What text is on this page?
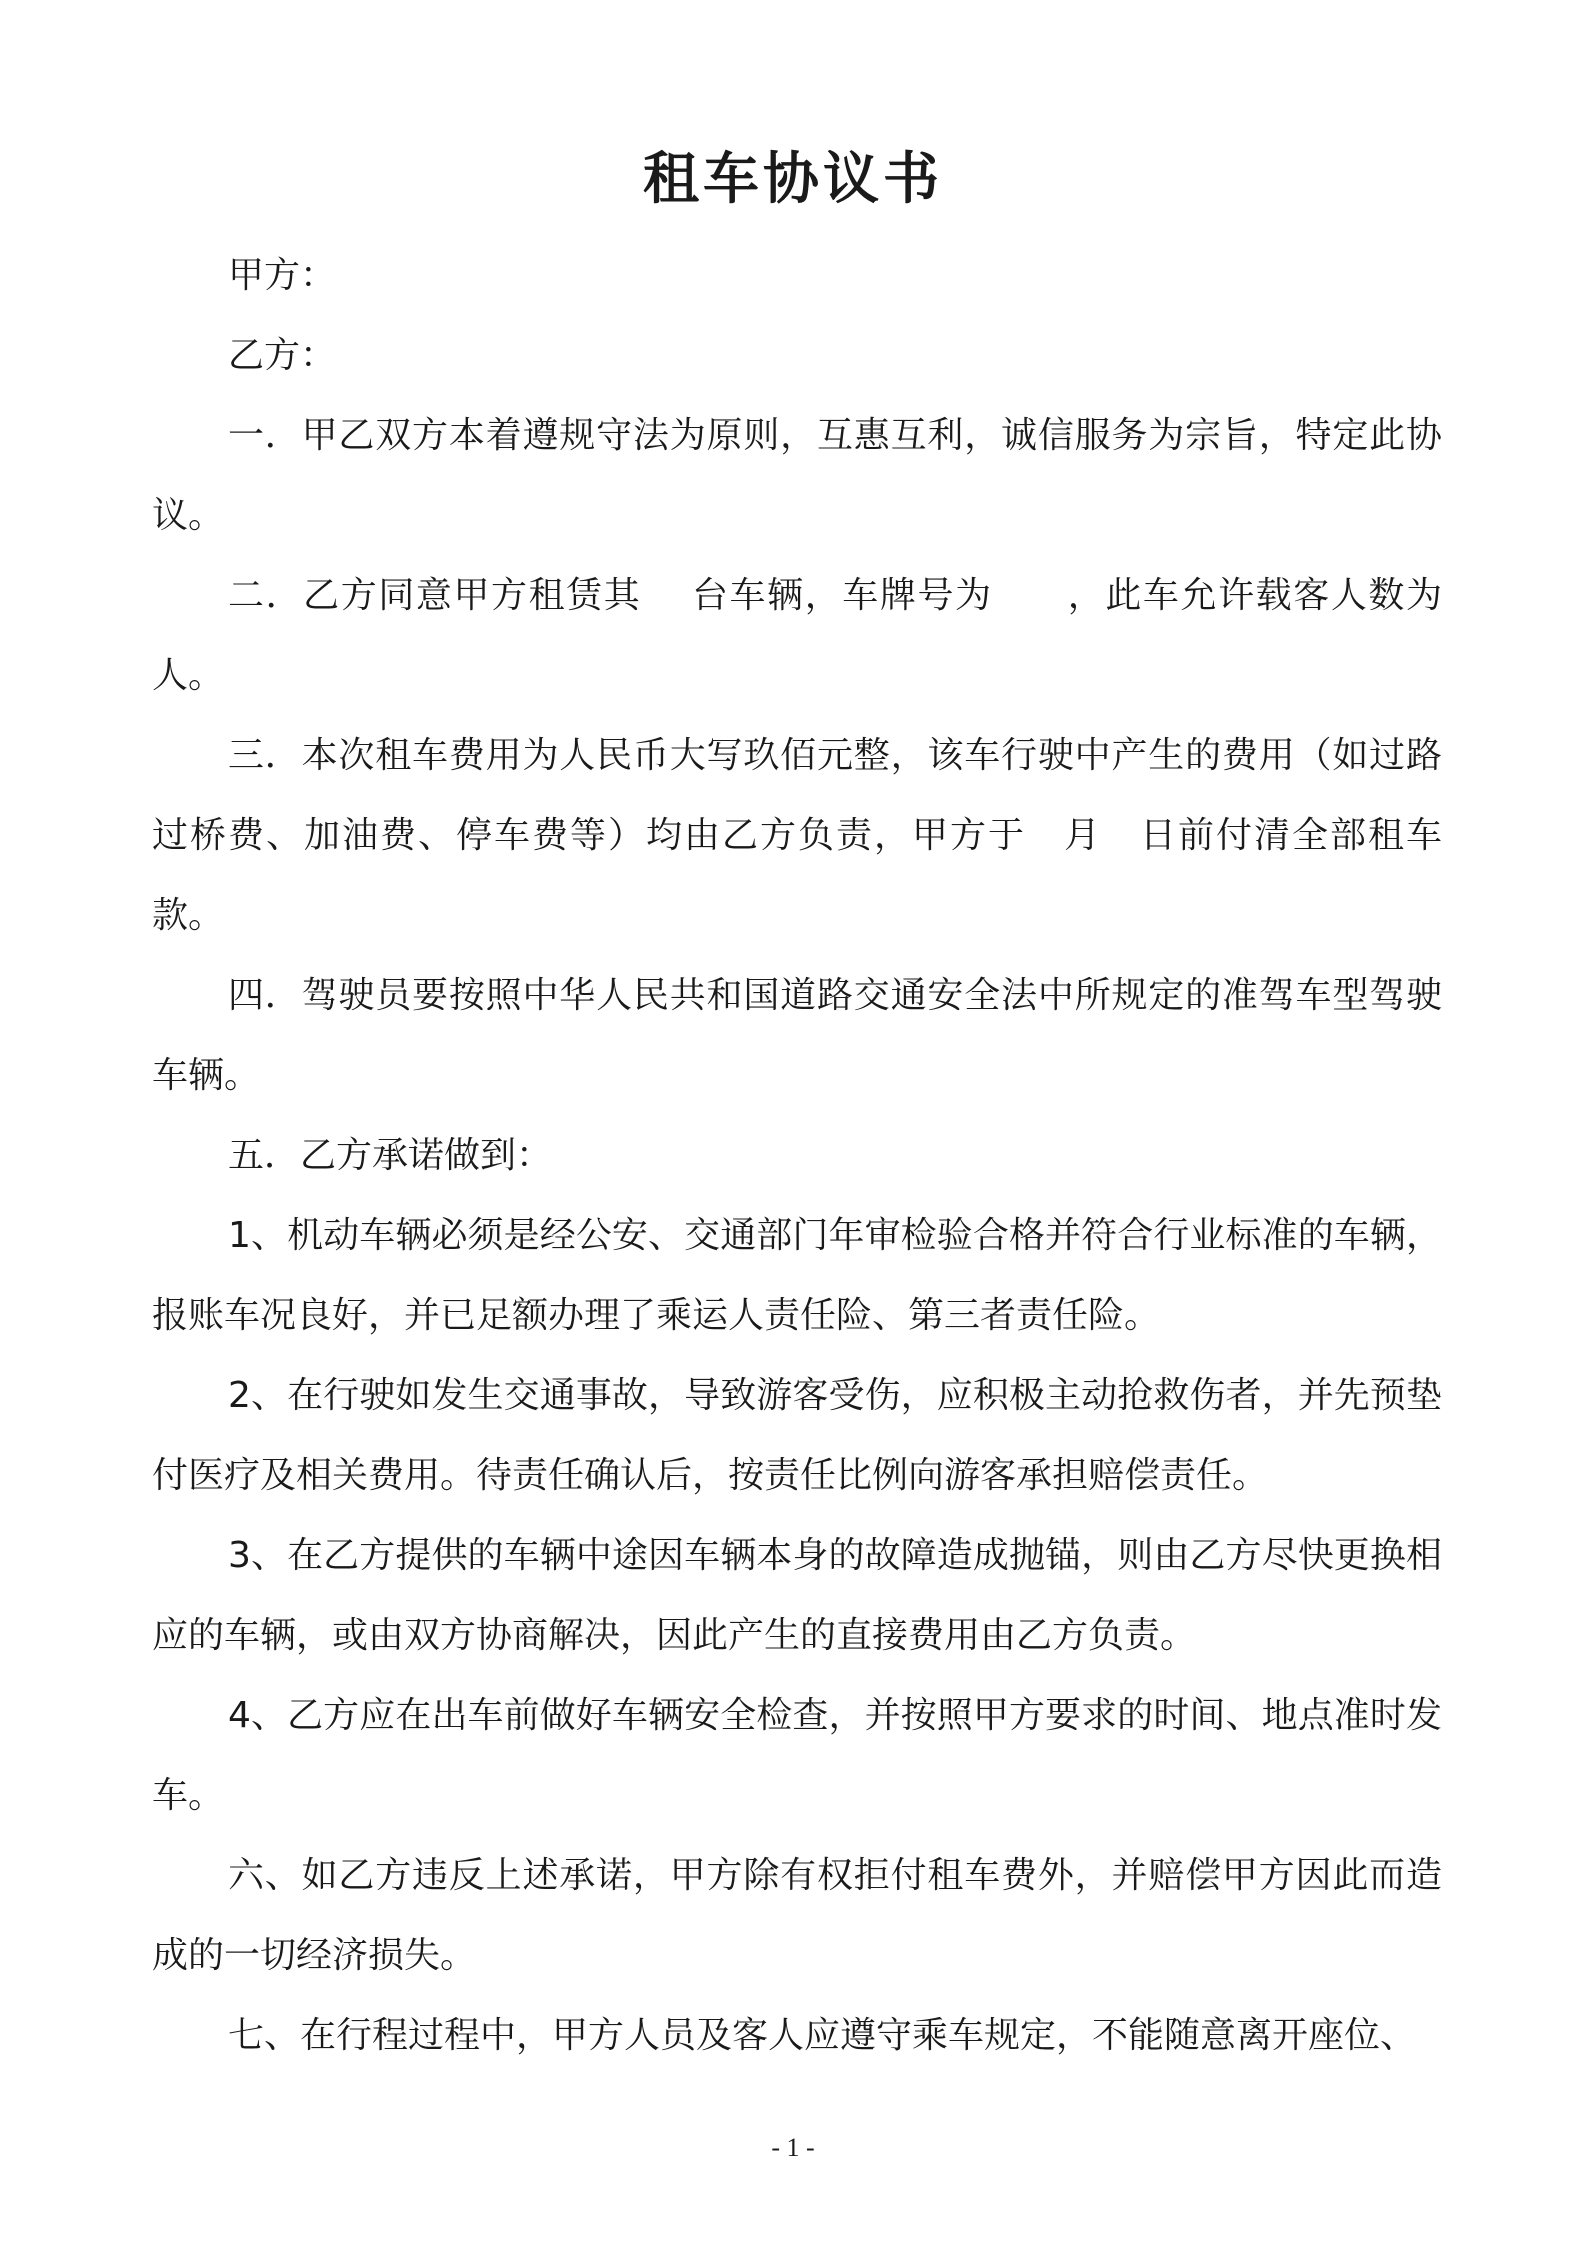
租车协议书

甲方：

乙方：

一．甲乙双方本着遵规守法为原则，互惠互利，诚信服务为宗旨，特定此协议。

二．乙方同意甲方租赁其　 台车辆，车牌号为　　，此车允许载客人数为　人。

三．本次租车费用为人民币大写玖佰元整，该车行驶中产生的费用（如过路过桥费、加油费、停车费等）均由乙方负责，甲方于　月　日前付清全部租车款。

四．驾驶员要按照中华人民共和国道路交通安全法中所规定的准驾车型驾驶车辆。

五．乙方承诺做到：

1、机动车辆必须是经公安、交通部门年审检验合格并符合行业标准的车辆，报账车况良好，并已足额办理了乘运人责任险、第三者责任险。

2、在行驶如发生交通事故，导致游客受伤，应积极主动抢救伤者，并先预垫付医疗及相关费用。待责任确认后，按责任比例向游客承担赔偿责任。

3、在乙方提供的车辆中途因车辆本身的故障造成抛锚，则由乙方尽快更换相应的车辆，或由双方协商解决，因此产生的直接费用由乙方负责。

4、乙方应在出车前做好车辆安全检查，并按照甲方要求的时间、地点准时发车。

六、如乙方违反上述承诺，甲方除有权拒付租车费外，并赔偿甲方因此而造成的一切经济损失。

七、在行程过程中，甲方人员及客人应遵守乘车规定，不能随意离开座位、

- 1 -
